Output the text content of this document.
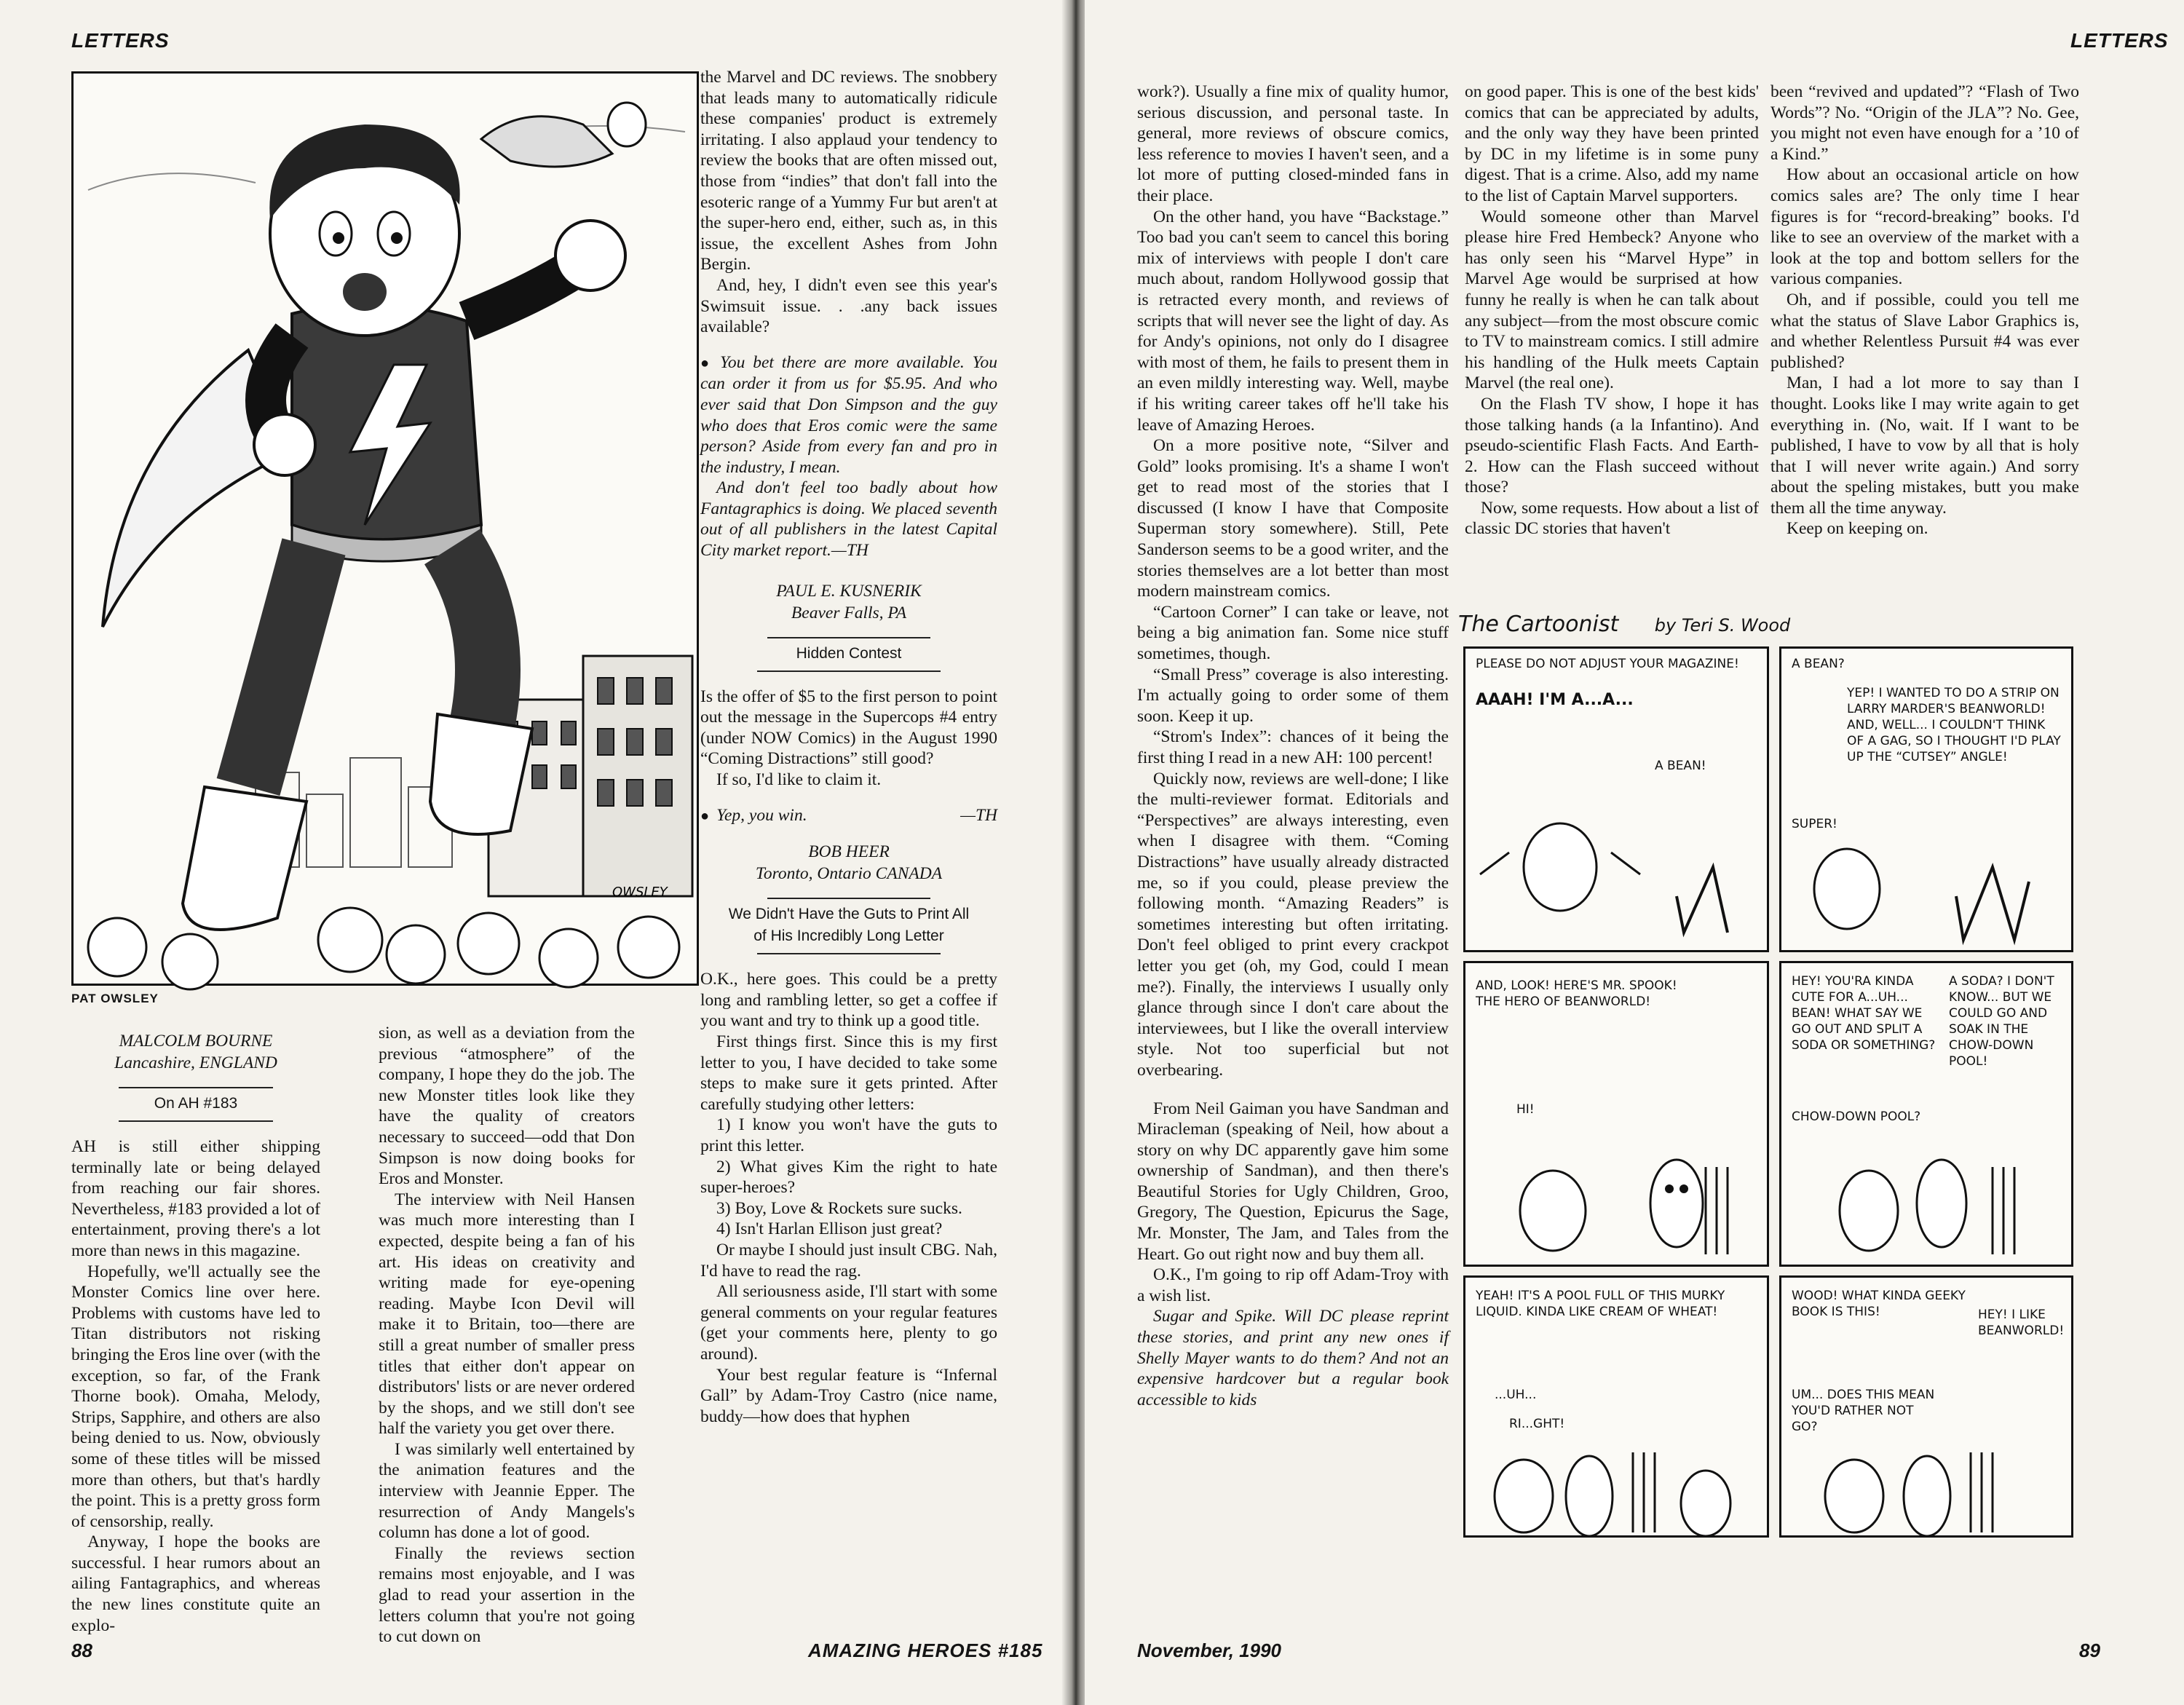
LETTERS
OWSLEY
PAT OWSLEY
MALCOLM BOURNE
Lancashire, ENGLAND
On AH #183

AH is still either shipping terminally late or being delayed from reaching our fair shores. Nevertheless, #183 provided a lot of entertainment, proving there's a lot more than news in this magazine.

Hopefully, we'll actually see the Monster Comics line over here. Problems with customs have led to Titan distributors not risking bringing the Eros line over (with the exception, so far, of the Frank Thorne book). Omaha, Melody, Strips, Sapphire, and others are also being denied to us. Now, obviously some of these titles will be missed more than others, but that's hardly the point. This is a pretty gross form of censorship, really.

Anyway, I hope the books are successful. I hear rumors about an ailing Fantagraphics, and whereas the new lines constitute quite an explo-

sion, as well as a deviation from the previous “atmosphere” of the company, I hope they do the job. The new Monster titles look like they have the quality of creators necessary to succeed—odd that Don Simpson is now doing books for Eros and Monster.

The interview with Neil Hansen was much more interesting than I expected, despite being a fan of his art. His ideas on creativity and writing made for eye-opening reading. Maybe Icon Devil will make it to Britain, too—there are still a great number of smaller press titles that either don't appear on distributors' lists or are never ordered by the shops, and we still don't see half the variety you get over there.

I was similarly well entertained by the animation features and the interview with Jeannie Epper. The resurrection of Andy Mangels's column has done a lot of good.

Finally the reviews section remains most enjoyable, and I was glad to read your assertion in the letters column that you're not going to cut down on

the Marvel and DC reviews. The snobbery that leads many to automatically ridicule these companies' product is extremely irritating. I also applaud your tendency to review the books that are often missed out, those from “indies” that don't fall into the esoteric range of a Yummy Fur but aren't at the super-hero end, either, such as, in this issue, the excellent Ashes from John Bergin.

And, hey, I didn't even see this year's Swimsuit issue. . .any back issues available?

● You bet there are more available. You can order it from us for $5.95. And who ever said that Don Simpson and the guy who does that Eros comic were the same person? Aside from every fan and pro in the industry, I mean.

And don't feel too badly about how Fantagraphics is doing. We placed seventh out of all publishers in the latest Capital City market report.—TH

PAUL E. KUSNERIK
Beaver Falls, PA
Hidden Contest

Is the offer of $5 to the first person to point out the message in the Supercops #4 entry (under NOW Comics) in the August 1990 “Coming Distractions” still good?

If so, I'd like to claim it.

● Yep, you win.	—TH
BOB HEER
Toronto, Ontario CANADA
We Didn't Have the Guts to Print All of His Incredibly Long Letter

O.K., here goes. This could be a pretty long and rambling letter, so get a coffee if you want and try to think up a good title.

First things first. Since this is my first letter to you, I have decided to take some steps to make sure it gets printed. After carefully studying other letters:

1) I know you won't have the guts to print this letter.

2) What gives Kim the right to hate super-heroes?

3) Boy, Love & Rockets sure sucks.

4) Isn't Harlan Ellison just great?

Or maybe I should just insult CBG. Nah, I'd have to read the rag.

All seriousness aside, I'll start with some general comments on your regular features (get your comments here, plenty to go around).

Your best regular feature is “Infernal Gall” by Adam-Troy Castro (nice name, buddy—how does that hyphen

88	AMAZING HEROES #185
LETTERS

work?). Usually a fine mix of quality humor, serious discussion, and personal taste. In general, more reviews of obscure comics, less reference to movies I haven't seen, and a lot more of putting closed-minded fans in their place.

On the other hand, you have “Backstage.” Too bad you can't seem to cancel this boring mix of interviews with people I don't care much about, random Hollywood gossip that is retracted every month, and reviews of scripts that will never see the light of day. As for Andy's opinions, not only do I disagree with most of them, he fails to present them in an even mildly interesting way. Well, maybe if his writing career takes off he'll take his leave of Amazing Heroes.

On a more positive note, “Silver and Gold” looks promising. It's a shame I won't get to read most of the stories that I discussed (I know I have that Composite Superman story somewhere). Still, Pete Sanderson seems to be a good writer, and the stories themselves are a lot better than most modern mainstream comics.

“Cartoon Corner” I can take or leave, not being a big animation fan. Some nice stuff sometimes, though.

“Small Press” coverage is also interesting. I'm actually going to order some of them soon. Keep it up.

“Strom's Index”: chances of it being the first thing I read in a new AH: 100 percent!

Quickly now, reviews are well-done; I like the multi-reviewer format. Editorials and “Perspectives” are always interesting, even when I disagree with them. “Coming Distractions” have usually already distracted me, so if you could, please preview the following month. “Amazing Readers” is sometimes interesting but often irritating. Don't feel obliged to print every crackpot letter you get (oh, my God, could I mean me?). Finally, the interviews I usually only glance through since I don't care about the interviewees, but I like the overall interview style. Not too superficial but not overbearing.

From Neil Gaiman you have Sandman and Miracleman (speaking of Neil, how about a story on why DC apparently gave him some ownership of Sandman), and then there's Beautiful Stories for Ugly Children, Groo, Gregory, The Question, Epicurus the Sage, Mr. Monster, The Jam, and Tales from the Heart. Go out right now and buy them all.

O.K., I'm going to rip off Adam-Troy with a wish list.

Sugar and Spike. Will DC please reprint these stories, and print any new ones if Shelly Mayer wants to do them? And not an expensive hardcover but a regular book accessible to kids

on good paper. This is one of the best kids' comics that can be appreciated by adults, and the only way they have been printed by DC in my lifetime is in some puny digest. That is a crime. Also, add my name to the list of Captain Marvel supporters.

Would someone other than Marvel please hire Fred Hembeck? Anyone who has only seen his “Marvel Hype” in Marvel Age would be surprised at how funny he really is when he can talk about any subject—from the most obscure comic to TV to mainstream comics. I still admire his handling of the Hulk meets Captain Marvel (the real one).

On the Flash TV show, I hope it has those talking hands (a la Infantino). And pseudo-scientific Flash Facts. And Earth-2. How can the Flash succeed without those?

Now, some requests. How about a list of classic DC stories that haven't

been “revived and updated”? “Flash of Two Words”? No. “Origin of the JLA”? No. Gee, you might not even have enough for a ’10 of a Kind.”

How about an occasional article on how comics sales are? The only time I hear figures is for “record-breaking” books. I'd like to see an overview of the market with a look at the top and bottom sellers for the various companies.

Oh, and if possible, could you tell me what the status of Slave Labor Graphics is, and whether Relentless Pursuit #4 was ever published?

Man, I had a lot more to say than I thought. Looks like I may write again to get everything in. (No, wait. If I want to be published, I have to vow by all that is holy that I will never write again.) And sorry about the speling mistakes, butt you make them all the time anyway.

Keep on keeping on.

November, 1990	89
The Cartoonist by Teri S. Wood
PLEASE DO NOT ADJUST YOUR MAGAZINE!
AAAH! I'M A...A...
A BEAN!
A BEAN?
YEP! I WANTED TO DO A STRIP ON LARRY MARDER'S BEANWORLD! AND, WELL... I COULDN'T THINK OF A GAG, SO I THOUGHT I'D PLAY UP THE “CUTSEY” ANGLE!
SUPER!
AND, LOOK! HERE'S MR. SPOOK! THE HERO OF BEANWORLD!
HI!
HEY! YOU'RA KINDA CUTE FOR A...UH... BEAN! WHAT SAY WE GO OUT AND SPLIT A SODA OR SOMETHING?
A SODA? I DON'T KNOW... BUT WE COULD GO AND SOAK IN THE CHOW-DOWN POOL!
CHOW-DOWN POOL?
YEAH! IT'S A POOL FULL OF THIS MURKY LIQUID. KINDA LIKE CREAM OF WHEAT!
...UH...
RI...GHT!
WOOD! WHAT KINDA GEEKY BOOK IS THIS!	HEY! I LIKE BEANWORLD!
UM... DOES THIS MEAN YOU'D RATHER NOT GO?
